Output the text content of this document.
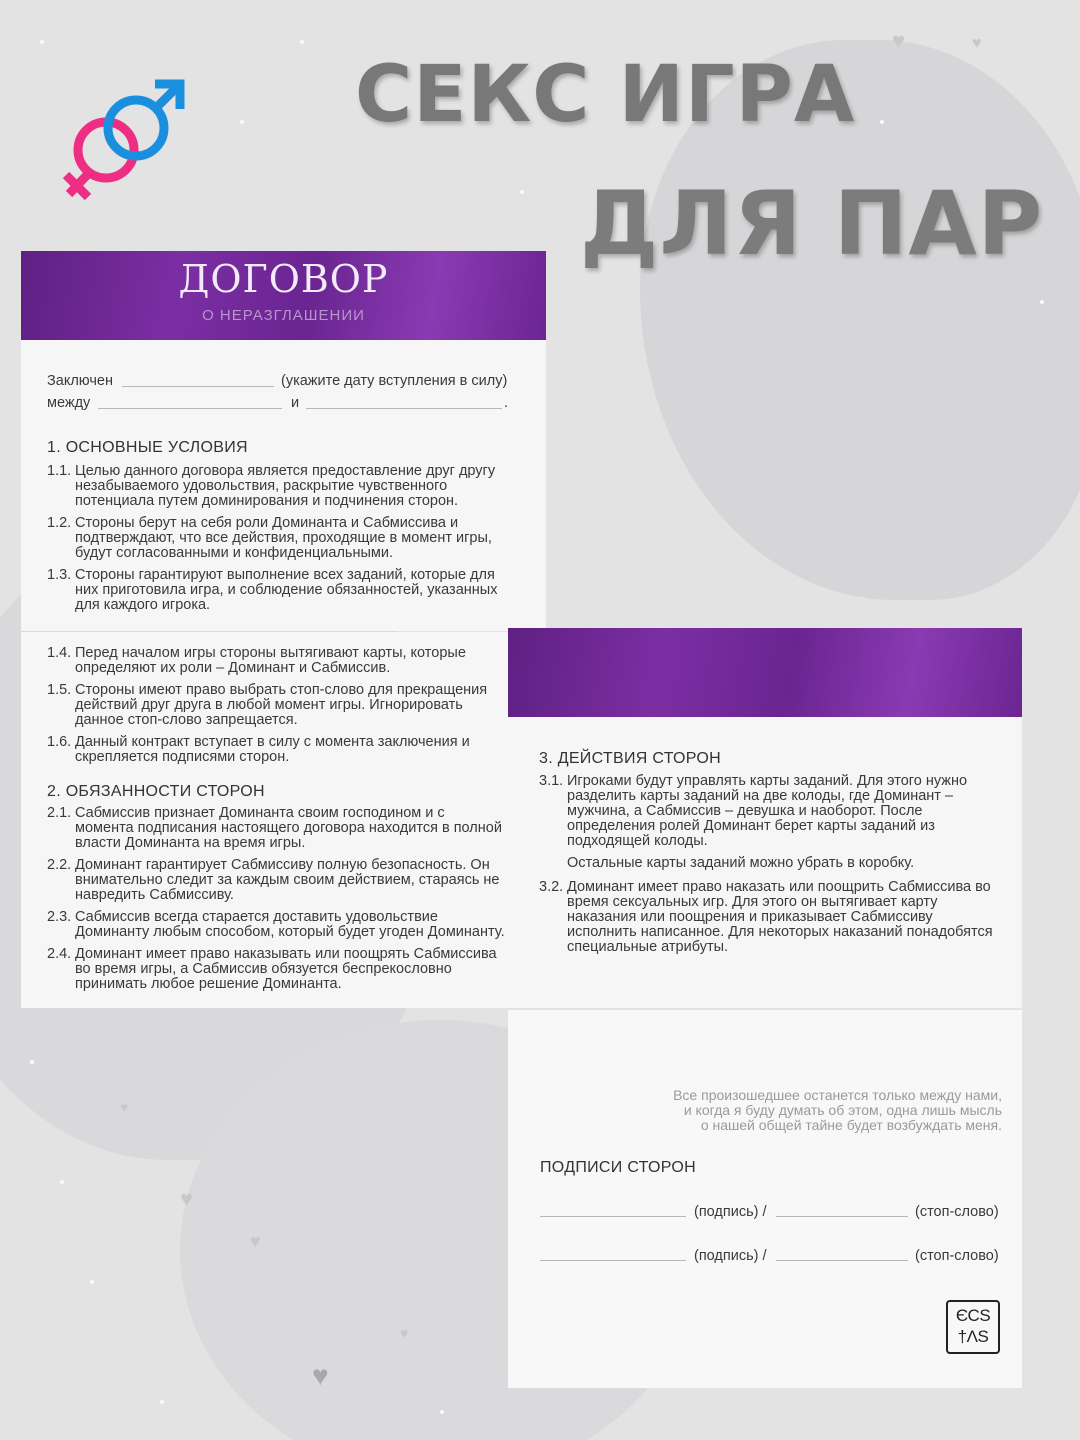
♥	♥
♥
♥
♥
♥
♥
СЕКС ИГРА
ДЛЯ ПАР
ДОГОВОР
О НЕРАЗГЛАШЕНИИ
Заключен	(укажите дату вступления в силу)
между	и	.
1. ОСНОВНЫЕ УСЛОВИЯ
1.1. Целью данного договора является предоставление друг другу незабываемого удовольствия, раскрытие чувственного потенциала путем доминирования и подчинения сторон.
1.2. Стороны берут на себя роли Доминанта и Сабмиссива и подтверждают, что все действия, проходящие в момент игры, будут согласованными и конфиденциальными.
1.3. Стороны гарантируют выполнение всех заданий, которые для них приготовила игра, и соблюдение обязанностей, указанных для каждого игрока.
1.4. Перед началом игры стороны вытягивают карты, которые определяют их роли – Доминант и Сабмиссив.
1.5. Стороны имеют право выбрать стоп-слово для прекращения действий друг друга в любой момент игры. Игнорировать данное стоп-слово запрещается.
1.6. Данный контракт вступает в силу с момента заключения и скрепляется подписями сторон.
2. ОБЯЗАННОСТИ СТОРОН
2.1. Сабмиссив признает Доминанта своим господином и с момента подписания настоящего договора находится в полной власти Доминанта на время игры.
2.2. Доминант гарантирует Сабмиссиву полную безопасность. Он внимательно следит за каждым своим действием, стараясь не навредить Сабмиссиву.
2.3. Сабмиссив всегда старается доставить удовольствие Доминанту любым способом, который будет угоден Доминанту.
2.4. Доминант имеет право наказывать или поощрять Сабмиссива во время игры, а Сабмиссив обязуется беспрекословно принимать любое решение Доминанта.
3. ДЕЙСТВИЯ СТОРОН
3.1. Игроками будут управлять карты заданий. Для этого нужно разделить карты заданий на две колоды, где Доминант – мужчина, а Сабмиссив – девушка и наоборот. После определения ролей Доминант берет карты заданий из подходящей колоды.
Остальные карты заданий можно убрать в коробку.
3.2. Доминант имеет право наказать или поощрить Сабмиссива во время сексуальных игр. Для этого он вытягивает карту наказания или поощрения и приказывает Сабмиссиву исполнить написанное. Для некоторых наказаний понадобятся специальные атрибуты.
Все произошедшее останется только между нами,
и когда я буду думать об этом, одна лишь мысль
о нашей общей тайне будет возбуждать меня.
ПОДПИСИ СТОРОН
(подпись) /	(стоп-слово)
(подпись) /	(стоп-слово)
ЄCS
†ΛS
